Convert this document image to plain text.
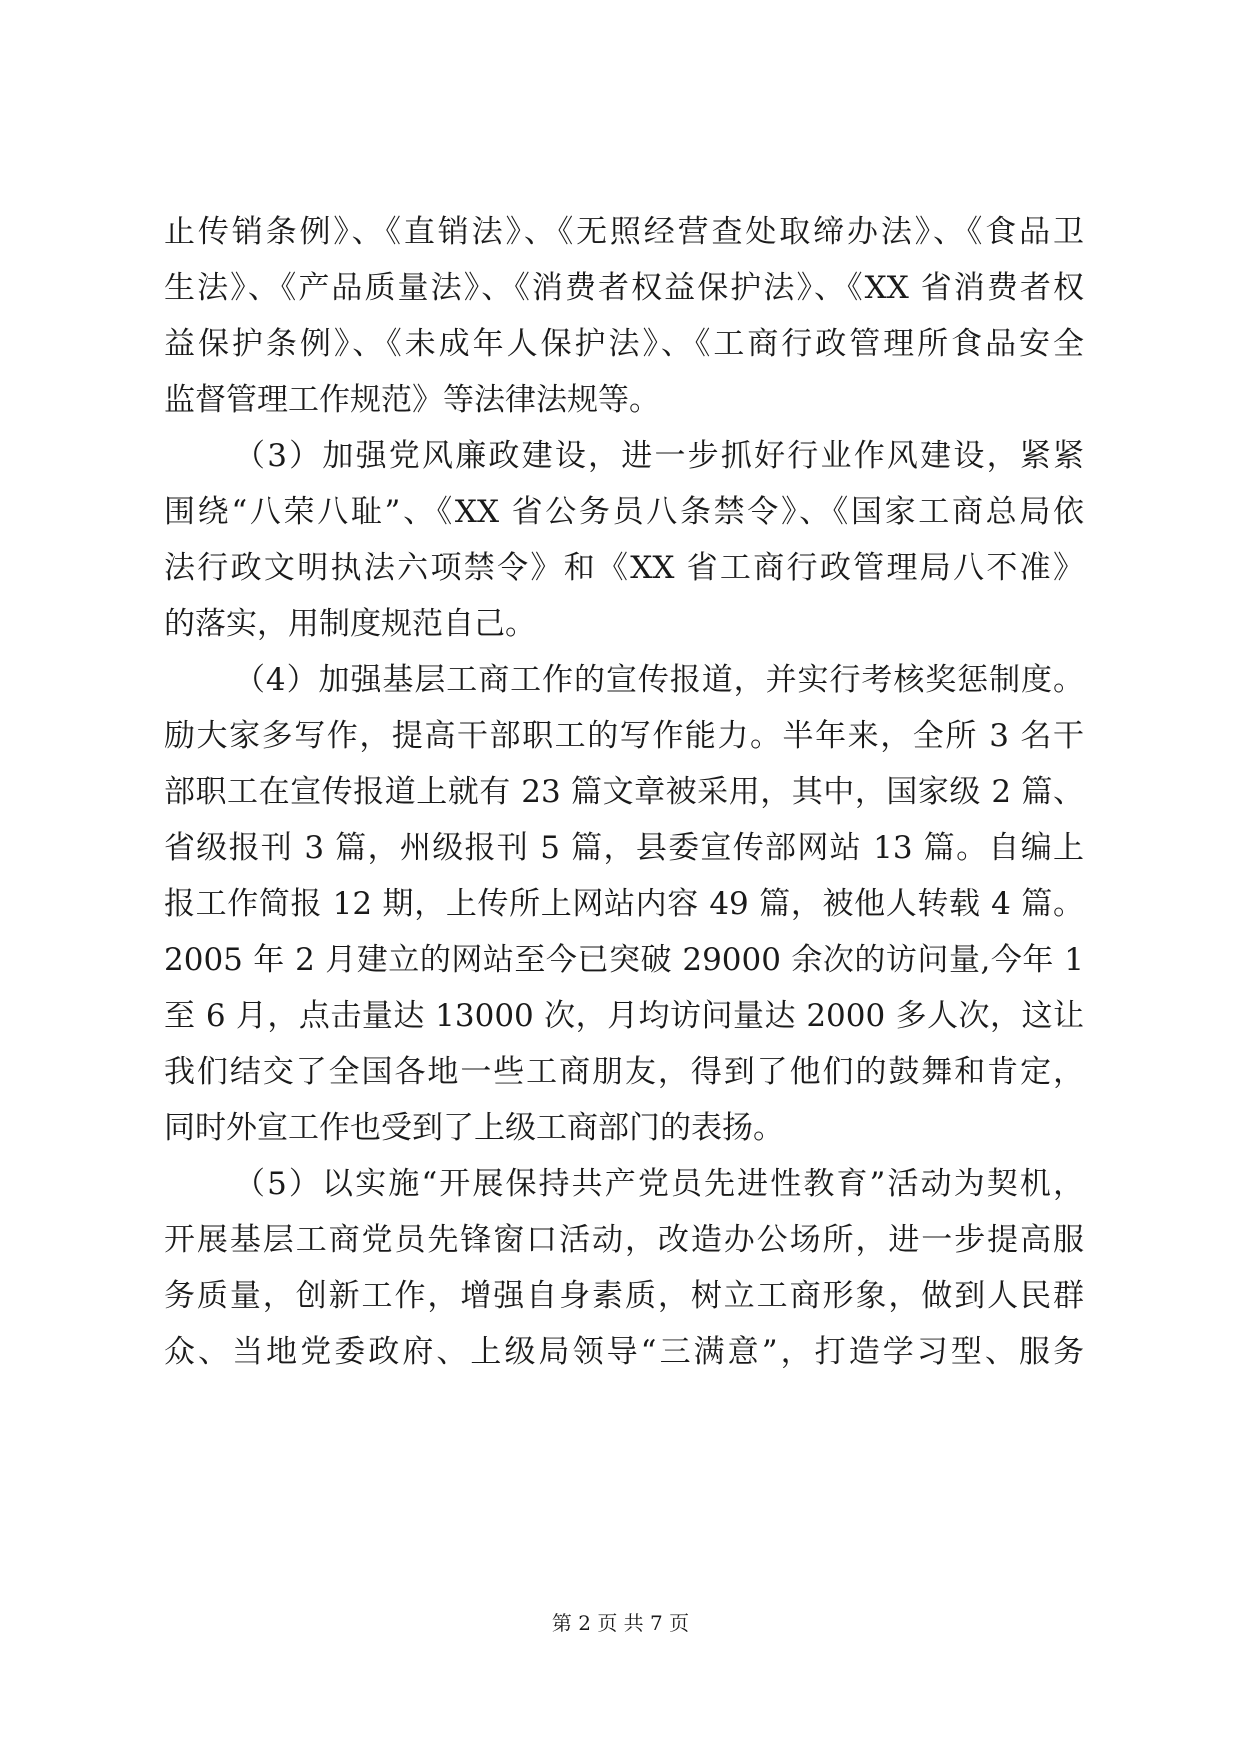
止传销条例》、《直销法》、《无照经营查处取缔办法》、《食品卫
生法》、《产品质量法》、《消费者权益保护法》、《XX 省消费者权
益保护条例》、《未成年人保护法》、《工商行政管理所食品安全
监督管理工作规范》等法律法规等。
（3）加强党风廉政建设，进一步抓好行业作风建设，紧紧
围绕“八荣八耻”、《XX 省公务员八条禁令》、《国家工商总局依
法行政文明执法六项禁令》和《XX 省工商行政管理局八不准》
的落实，用制度规范自己。
（4）加强基层工商工作的宣传报道，并实行考核奖惩制度。
励大家多写作，提高干部职工的写作能力。半年来，全所 3 名干
部职工在宣传报道上就有 23 篇文章被采用，其中，国家级 2 篇、
省级报刊 3 篇，州级报刊 5 篇，县委宣传部网站 13 篇。自编上
报工作简报 12 期，上传所上网站内容 49 篇，被他人转载 4 篇。
2005 年 2 月建立的网站至今已突破 29000 余次的访问量,今年 1
至 6 月，点击量达 13000 次，月均访问量达 2000 多人次，这让
我们结交了全国各地一些工商朋友，得到了他们的鼓舞和肯定，
同时外宣工作也受到了上级工商部门的表扬。
（5）以实施“开展保持共产党员先进性教育”活动为契机，
开展基层工商党员先锋窗口活动，改造办公场所，进一步提高服
务质量，创新工作，增强自身素质，树立工商形象，做到人民群
众、当地党委政府、上级局领导“三满意”，打造学习型、服务
第 2 页 共 7 页
